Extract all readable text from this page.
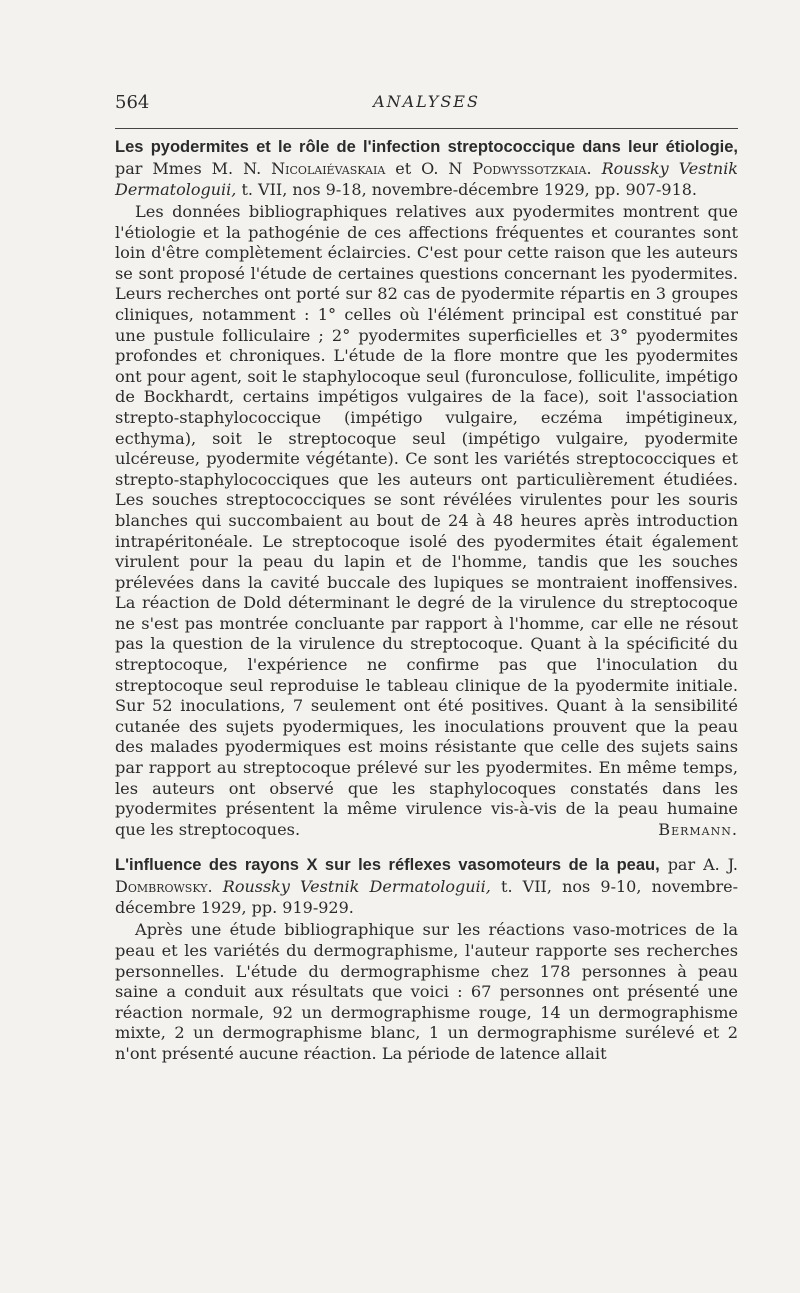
564	ANALYSES
Les pyodermites et le rôle de l'infection streptococcique dans leur étiologie, par Mmes M. N. Nicolaiévaskaia et O. N Podwyssotzkaia. Roussky Vestnik Dermatologuii, t. VII, nos 9-18, novembre-décembre 1929, pp. 907-918.
Les données bibliographiques relatives aux pyodermites montrent que l'étiologie et la pathogénie de ces affections fréquentes et courantes sont loin d'être complètement éclaircies. C'est pour cette raison que les auteurs se sont proposé l'étude de certaines questions concernant les pyodermites. Leurs recherches ont porté sur 82 cas de pyodermite répartis en 3 groupes cliniques, notamment : 1° celles où l'élément principal est constitué par une pustule folliculaire ; 2° pyodermites superficielles et 3° pyodermites profondes et chroniques. L'étude de la flore montre que les pyodermites ont pour agent, soit le staphylocoque seul (furonculose, folliculite, impétigo de Bockhardt, certains impétigos vulgaires de la face), soit l'association strepto-staphylococcique (impétigo vulgaire, eczéma impétigineux, ecthyma), soit le streptocoque seul (impétigo vulgaire, pyodermite ulcéreuse, pyodermite végétante). Ce sont les variétés streptococciques et strepto-staphylococciques que les auteurs ont particulièrement étudiées. Les souches streptococciques se sont révélées virulentes pour les souris blanches qui succombaient au bout de 24 à 48 heures après introduction intrapéritonéale. Le streptocoque isolé des pyodermites était également virulent pour la peau du lapin et de l'homme, tandis que les souches prélevées dans la cavité buccale des lupiques se montraient inoffensives. La réaction de Dold déterminant le degré de la virulence du streptocoque ne s'est pas montrée concluante par rapport à l'homme, car elle ne résout pas la question de la virulence du streptocoque. Quant à la spécificité du streptocoque, l'expérience ne confirme pas que l'inoculation du streptocoque seul reproduise le tableau clinique de la pyodermite initiale. Sur 52 inoculations, 7 seulement ont été positives. Quant à la sensibilité cutanée des sujets pyodermiques, les inoculations prouvent que la peau des malades pyodermiques est moins résistante que celle des sujets sains par rapport au streptocoque prélevé sur les pyodermites. En même temps, les auteurs ont observé que les staphylocoques constatés dans les pyodermites présentent la même virulence vis-à-vis de la peau humaine que les streptocoques.	Bermann.
L'influence des rayons X sur les réflexes vasomoteurs de la peau, par A. J. Dombrowsky. Roussky Vestnik Dermatologuii, t. VII, nos 9-10, novembre-décembre 1929, pp. 919-929.
Après une étude bibliographique sur les réactions vaso-motrices de la peau et les variétés du dermographisme, l'auteur rapporte ses recherches personnelles. L'étude du dermographisme chez 178 personnes à peau saine a conduit aux résultats que voici : 67 personnes ont présenté une réaction normale, 92 un dermographisme rouge, 14 un dermographisme mixte, 2 un dermographisme blanc, 1 un dermographisme surélevé et 2 n'ont présenté aucune réaction. La période de latence allait
